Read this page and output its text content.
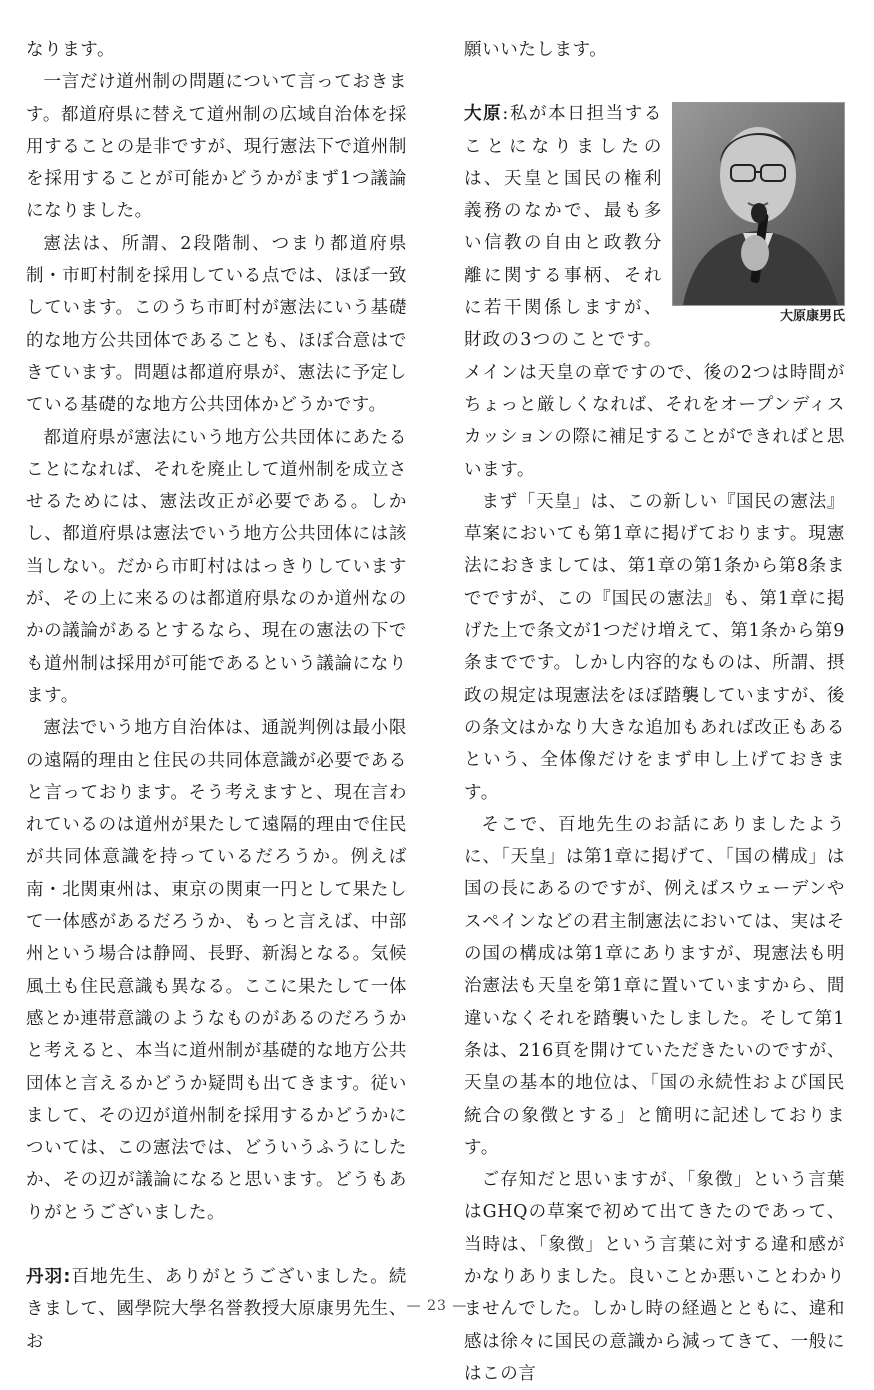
なります。

一言だけ道州制の問題について言っておきます。都道府県に替えて道州制の広域自治体を採用することの是非ですが、現行憲法下で道州制を採用することが可能かどうかがまず1つ議論になりました。

憲法は、所謂、2段階制、つまり都道府県制・市町村制を採用している点では、ほぼ一致しています。このうち市町村が憲法にいう基礎的な地方公共団体であることも、ほぼ合意はできています。問題は都道府県が、憲法に予定している基礎的な地方公共団体かどうかです。

都道府県が憲法にいう地方公共団体にあたることになれば、それを廃止して道州制を成立させるためには、憲法改正が必要である。しかし、都道府県は憲法でいう地方公共団体には該当しない。だから市町村ははっきりしていますが、その上に来るのは都道府県なのか道州なのかの議論があるとするなら、現在の憲法の下でも道州制は採用が可能であるという議論になります。

憲法でいう地方自治体は、通説判例は最小限の遠隔的理由と住民の共同体意識が必要であると言っております。そう考えますと、現在言われているのは道州が果たして遠隔的理由で住民が共同体意識を持っているだろうか。例えば南・北関東州は、東京の関東一円として果たして一体感があるだろうか、もっと言えば、中部州という場合は静岡、長野、新潟となる。気候風土も住民意識も異なる。ここに果たして一体感とか連帯意識のようなものがあるのだろうかと考えると、本当に道州制が基礎的な地方公共団体と言えるかどうか疑問も出てきます。従いまして、その辺が道州制を採用するかどうかについては、この憲法では、どういうふうにしたか、その辺が議論になると思います。どうもありがとうございました。

丹羽:百地先生、ありがとうございました。続きまして、國學院大學名誉教授大原康男先生、お

願いいたします。

大原康男氏

大原:私が本日担当することになりましたのは、天皇と国民の権利義務のなかで、最も多い信教の自由と政教分離に関する事柄、それに若干関係しますが、財政の3つのことです。メインは天皇の章ですので、後の2つは時間がちょっと厳しくなれば、それをオープンディスカッションの際に補足することができればと思います。

まず「天皇」は、この新しい『国民の憲法』草案においても第1章に掲げております。現憲法におきましては、第1章の第1条から第8条までですが、この『国民の憲法』も、第1章に掲げた上で条文が1つだけ増えて、第1条から第9条までです。しかし内容的なものは、所謂、摂政の規定は現憲法をほぼ踏襲していますが、後の条文はかなり大きな追加もあれば改正もあるという、全体像だけをまず申し上げておきます。

そこで、百地先生のお話にありましたように、「天皇」は第1章に掲げて、「国の構成」は国の長にあるのですが、例えばスウェーデンやスペインなどの君主制憲法においては、実はその国の構成は第1章にありますが、現憲法も明治憲法も天皇を第1章に置いていますから、間違いなくそれを踏襲いたしました。そして第1条は、216頁を開けていただきたいのですが、天皇の基本的地位は、「国の永続性および国民統合の象徴とする」と簡明に記述しております。

ご存知だと思いますが、「象徴」という言葉はGHQの草案で初めて出てきたのであって、当時は、「象徴」という言葉に対する違和感がかなりありました。良いことか悪いことわかりませんでした。しかし時の経過とともに、違和感は徐々に国民の意識から減ってきて、一般にはこの言

— 23 —
